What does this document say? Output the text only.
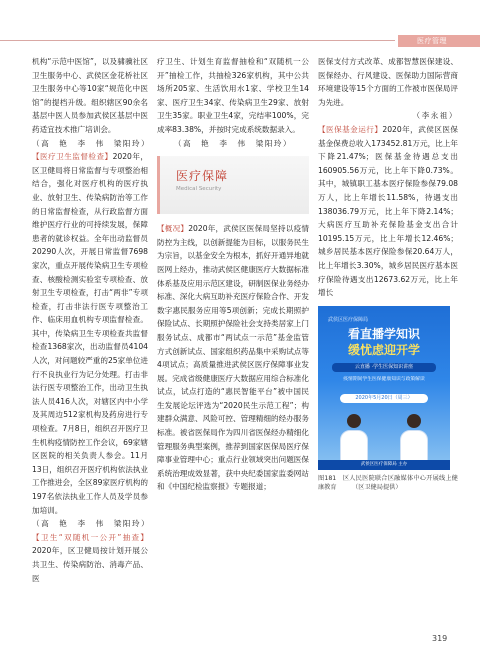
医疗管理

机构“示范中医馆”，以及骕骥社区卫生服务中心、武侯区金花桥社区卫生服务中心等10家“规范化中医馆”的提档升级。组织辖区90余名基层中医人员参加武侯区基层中医药适宜技术推广培训会。

（高　艳　李　伟　梁阳玲）

【医疗卫生监督检查】2020年，区卫健局将日常监督与专项整治相结合，强化对医疗机构的医疗执业、放射卫生、传染病防治等工作的日常监督检查，从行政监督方面维护医疗行业的可持续发展，保障患者的就诊权益。全年出动监督员20290人次，开展日常监督7698家次，重点开展传染病卫生专项检查、核酸检测实验室专项检查、放射卫生专项检查，打击“两非”专项检查，打击非法行医专项整治工作、临床用血机构专项监督检查。其中，传染病卫生专项检查共监督检查1368家次，出动监督员4104人次，对问题较严重的25家单位进行不良执业行为记分处理。打击非法行医专项整治工作，出动卫生执法人员416人次，对辖区内中小学及其周边512家机构及药房进行专项检查。7月8日，组织召开医疗卫生机构疫情防控工作会议，69家辖区医院的相关负责人参会。11月13日，组织召开医疗机构依法执业工作推进会，全区89家医疗机构的197名依法执业工作人员及学员参加培训。

（高　艳　李　伟　梁阳玲）

【卫生“双随机一公开”抽查】2020年，区卫健局按计划开展公共卫生、传染病防治、消毒产品、医

疗卫生、计划生育监督抽检和“双随机一公开”抽检工作，共抽检326家机构，其中公共场所205家、生活饮用水1家、学校卫生14家、医疗卫生34家、传染病卫生29家、放射卫生35家。职业卫生4家，完结率100%，完成率83.38%，并按时完成系统数据录入。

（高　艳　李　伟　梁阳玲）
医疗保障
Medical Security

【概况】2020年，武侯区医保局坚持以疫情防控为主线，以创新提能为目标，以服务民生为宗旨，以基金安全为根本，抓好开通异地就医网上经办，推动武侯区健康医疗大数据标准体系基及应用示范区建设，研制医保业务经办标准、深化大病互助补充医疗保险合作、开发数字惠民服务应用等5项创新；完成长期照护保险试点、长期照护保险社会支持类居家上门服务试点、成都市“两试点一示范”基金监管方式创新试点、国家组织药品集中采购试点等4项试点；高质量推进武侯区医疗保障事业发展。完成省级健康医疗大数据应用综合标准化试点，试点打造的“惠民智能平台”被中国民生发展论坛评选为“2020民生示范工程”；构建群众满意、风险可控、管理精细的经办服务标准。被省医保局作为四川省医保经办精细化管理服务典型案例，推荐到国家医保局医疗保障事业管理中心；重点行业领域突出问题医保系统治理成效显著，获中央纪委国家监委网站和《中国纪检监察报》专题报道；

医保支付方式改革、成都智慧医保建设、医保经办、行风建设、医保助力国际营商环境建设等15个方面的工作被市医保局评为先进。

（李永祖）

【医保基金运行】2020年，武侯区医保基金保费总收入173452.81万元，比上年下降21.47%；医保基金待遇总支出160905.56万元，比上年下降0.73%。其中，城镇职工基本医疗保险参保79.08万人，比上年增长11.58%，待遇支出138036.79万元，比上年下降2.14%；大病医疗互助补充保险基金支出合计10195.15万元，比上年增长12.46%；城乡居民基本医疗保险参保20.64万人，比上年增长3.30%，城乡居民医疗基本医疗保险待遇支出12673.62万元，比上年增长

武侯区医疗保障局
看直播学知识
缓忧虑迎开学
云直播 ·学生医保知识讲座
疫情期间学生医保健康知识与政策解读
2020年5月20日（周三）
武侯区医疗保障局 主办
图181　区人民医院联合区融媒体中心开展线上健康教育　　　（区卫健局提供）
319
